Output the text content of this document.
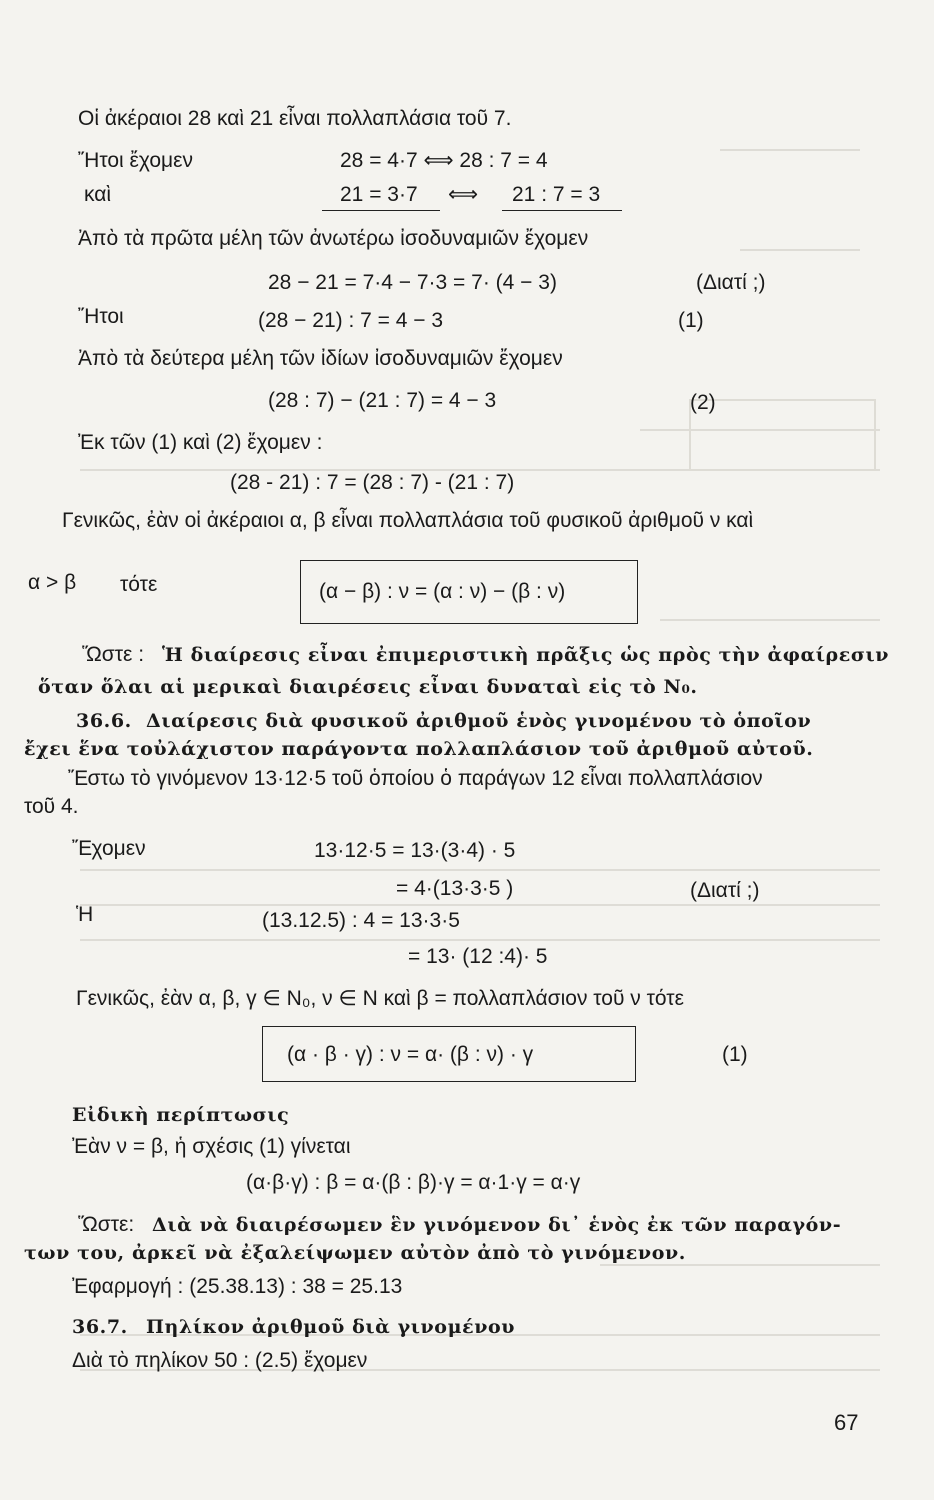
Οἱ ἀκέραιοι 28 καὶ 21 εἶναι πολλαπλάσια τοῦ 7.
Ἤτοι ἔχομεν	28 = 4·7 ⟺ 28 : 7 = 4
καὶ	21 = 3·7 ⟺ 21 : 7 = 3
Ἀπὸ τὰ πρῶτα μέλη τῶν ἀνωτέρω ἰσοδυναμιῶν ἔχομεν
28 − 21 = 7·4 − 7·3 = 7· (4 − 3)	(Διατί ;)
Ἤτοι	(28 − 21) : 7 = 4 − 3	(1)
Ἀπὸ τὰ δεύτερα μέλη τῶν ἰδίων ἰσοδυναμιῶν ἔχομεν
(28 : 7) − (21 : 7) = 4 − 3	(2)
Ἐκ τῶν (1) καὶ (2) ἔχομεν :
(28 - 21) : 7 = (28 : 7) - (21 : 7)
Γενικῶς, ἐὰν οἱ ἀκέραιοι α, β εἶναι πολλαπλάσια τοῦ φυσικοῦ ἀριθμοῦ ν καὶ
α > β τότε	(α − β) : ν = (α : ν) − (β : ν)
Ὥστε : Ἡ διαίρεσις εἶναι ἐπιμεριστικὴ πρᾶξις ὡς πρὸς τὴν ἀφαίρεσιν
ὅταν ὅλαι αἱ μερικαὶ διαιρέσεις εἶναι δυναταὶ εἰς τὸ N₀.
36.6. Διαίρεσις διὰ φυσικοῦ ἀριθμοῦ ἑνὸς γινομένου τὸ ὁποῖον
ἔχει ἕνα τοὐλάχιστον παράγοντα πολλαπλάσιον τοῦ ἀριθμοῦ αὐτοῦ.
Ἔστω τὸ γινόμενον 13·12·5 τοῦ ὁποίου ὁ παράγων 12 εἶναι πολλαπλάσιον
τοῦ 4.
Ἔχομεν	13·12·5 = 13·(3·4) · 5
= 4·(13·3·5 )	(Διατί ;)
Ἡ	(13.12.5) : 4 = 13·3·5
= 13· (12 :4)· 5
Γενικῶς, ἐὰν α, β, γ ∈ N₀, ν ∈ N καὶ β = πολλαπλάσιον τοῦ ν τότε
(α · β · γ) : ν = α· (β : ν) · γ	(1)
Εἰδικὴ περίπτωσις
Ἐὰν ν = β, ἡ σχέσις (1) γίνεται
(α·β·γ) : β = α·(β : β)·γ = α·1·γ = α·γ
Ὥστε: Διὰ νὰ διαιρέσωμεν ἓν γινόμενον δι᾽ ἑνὸς ἐκ τῶν παραγόν-
των του, ἀρκεῖ νὰ ἐξαλείψωμεν αὐτὸν ἀπὸ τὸ γινόμενον.
Ἐφαρμογή : (25.38.13) : 38 = 25.13
36.7. Πηλίκον ἀριθμοῦ διὰ γινομένου
Διὰ τὸ πηλίκον 50 : (2.5) ἔχομεν
67
